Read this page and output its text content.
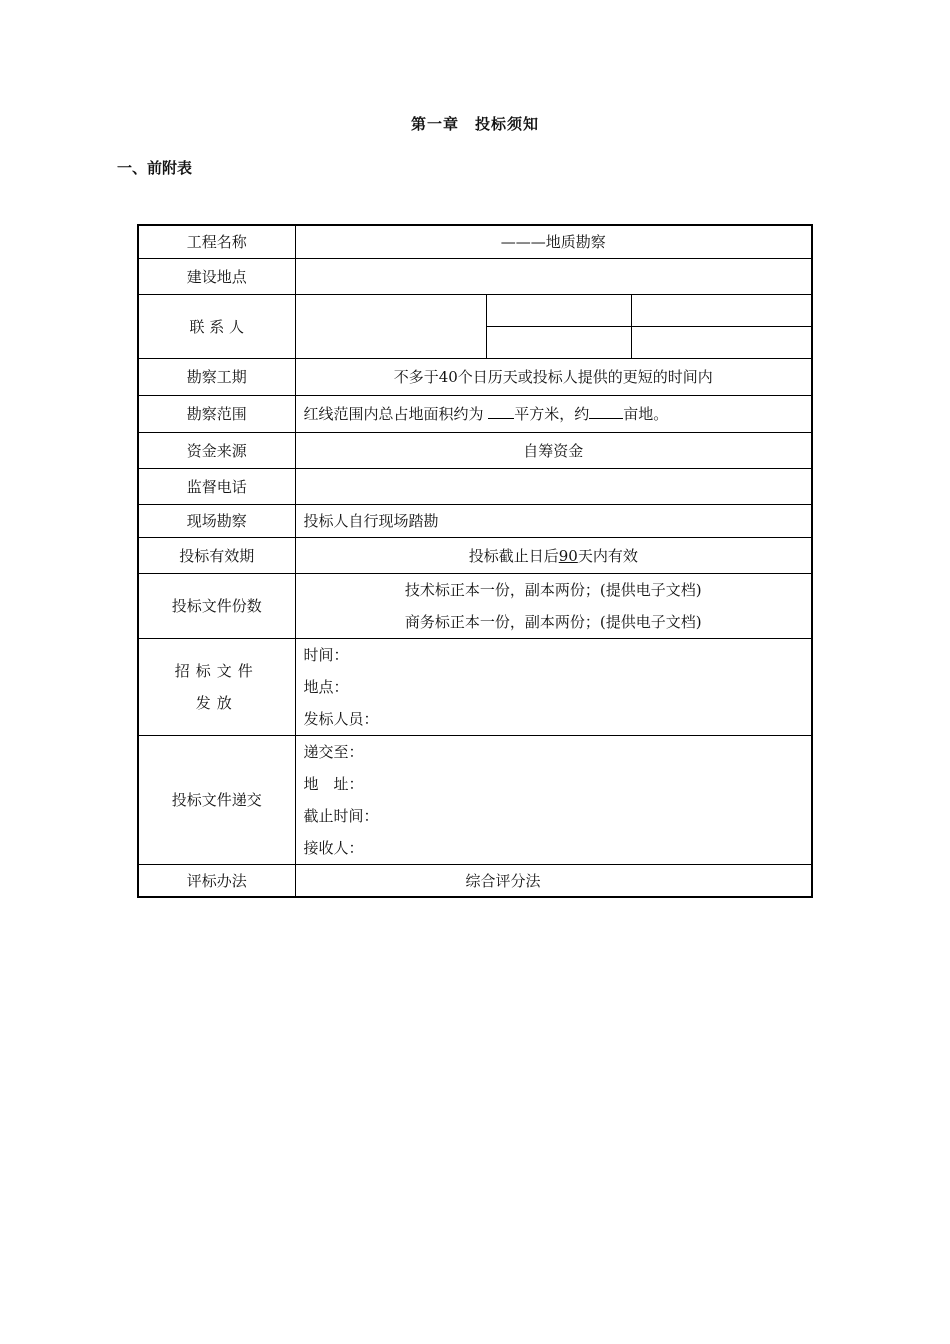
第一章　投标须知
一、前附表
工程名称	———地质勘察		
建设地点			
联 系 人			

勘察工期	不多于40个日历天或投标人提供的更短的时间内		
勘察范围	红线范围内总占地面积约为 平方米，约 亩地。		
资金来源	自筹资金		
监督电话			
现场勘察	投标人自行现场踏勘		
投标有效期	投标截止日后90天内有效		
投标文件份数	技术标正本一份，副本两份；(提供电子文档)
商务标正本一份，副本两份；(提供电子文档)		

招标文件
发放	时间：
地点：
发标人员：		

投标文件递交	递交至：
地　址：
截止时间：
接收人：		

评标办法	综合评分法		
